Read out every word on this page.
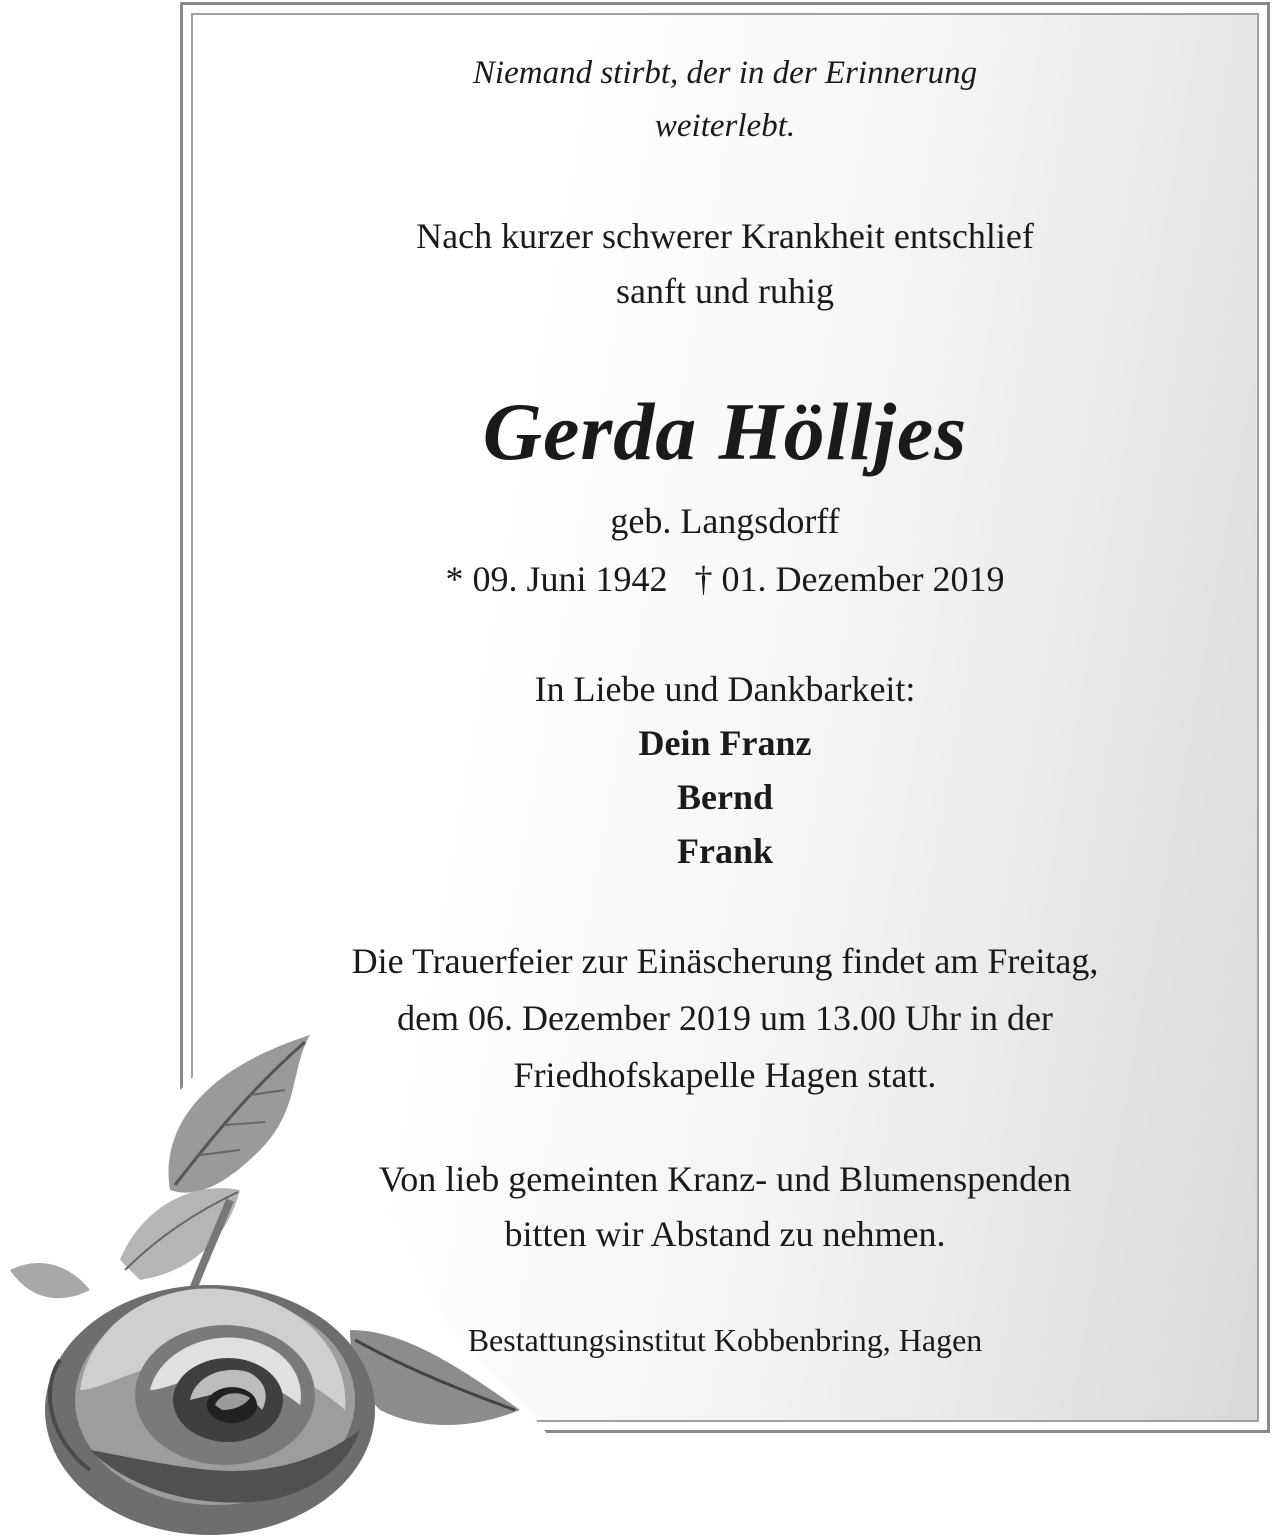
Niemand stirbt, der in der Erinnerung
weiterlebt.
Nach kurzer schwerer Krankheit entschlief
sanft und ruhig
Gerda Hölljes
geb. Langsdorff
* 09. Juni 1942   † 01. Dezember 2019
In Liebe und Dankbarkeit:
Dein Franz
Bernd
Frank
Die Trauerfeier zur Einäscherung findet am Freitag,
dem 06. Dezember 2019 um 13.00 Uhr in der
Friedhofskapelle Hagen statt.
Von lieb gemeinten Kranz- und Blumenspenden
bitten wir Abstand zu nehmen.
Bestattungsinstitut Kobbenbring, Hagen
